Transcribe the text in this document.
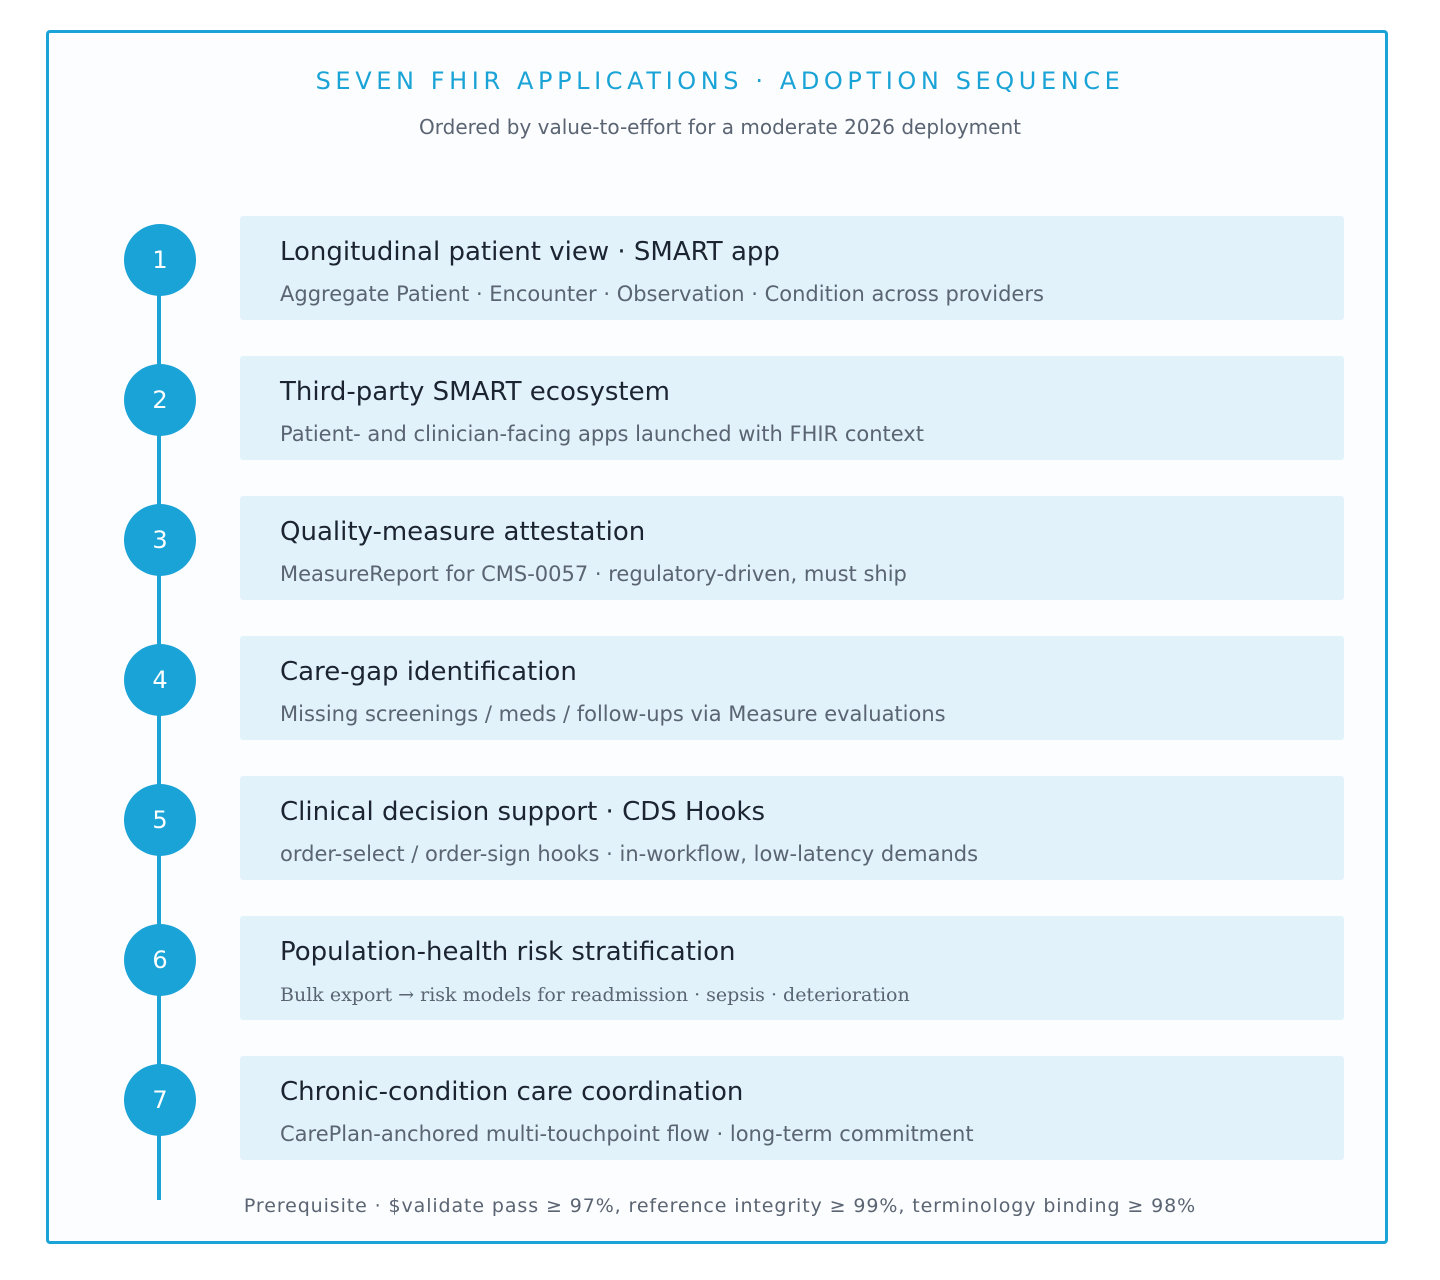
SEVEN FHIR APPLICATIONS · ADOPTION SEQUENCE
Ordered by value-to-effort for a moderate 2026 deployment
1	Longitudinal patient view · SMART app
Aggregate Patient · Encounter · Observation · Condition across providers
2	Third-party SMART ecosystem
Patient- and clinician-facing apps launched with FHIR context
3	Quality-measure attestation
MeasureReport for CMS-0057 · regulatory-driven, must ship
4	Care-gap identification
Missing screenings / meds / follow-ups via Measure evaluations
5	Clinical decision support · CDS Hooks
order-select / order-sign hooks · in-workflow, low-latency demands
6	Population-health risk stratification
Bulk export → risk models for readmission · sepsis · deterioration
7	Chronic-condition care coordination
CarePlan-anchored multi-touchpoint flow · long-term commitment
Prerequisite · $validate pass ≥ 97%, reference integrity ≥ 99%, terminology binding ≥ 98%
